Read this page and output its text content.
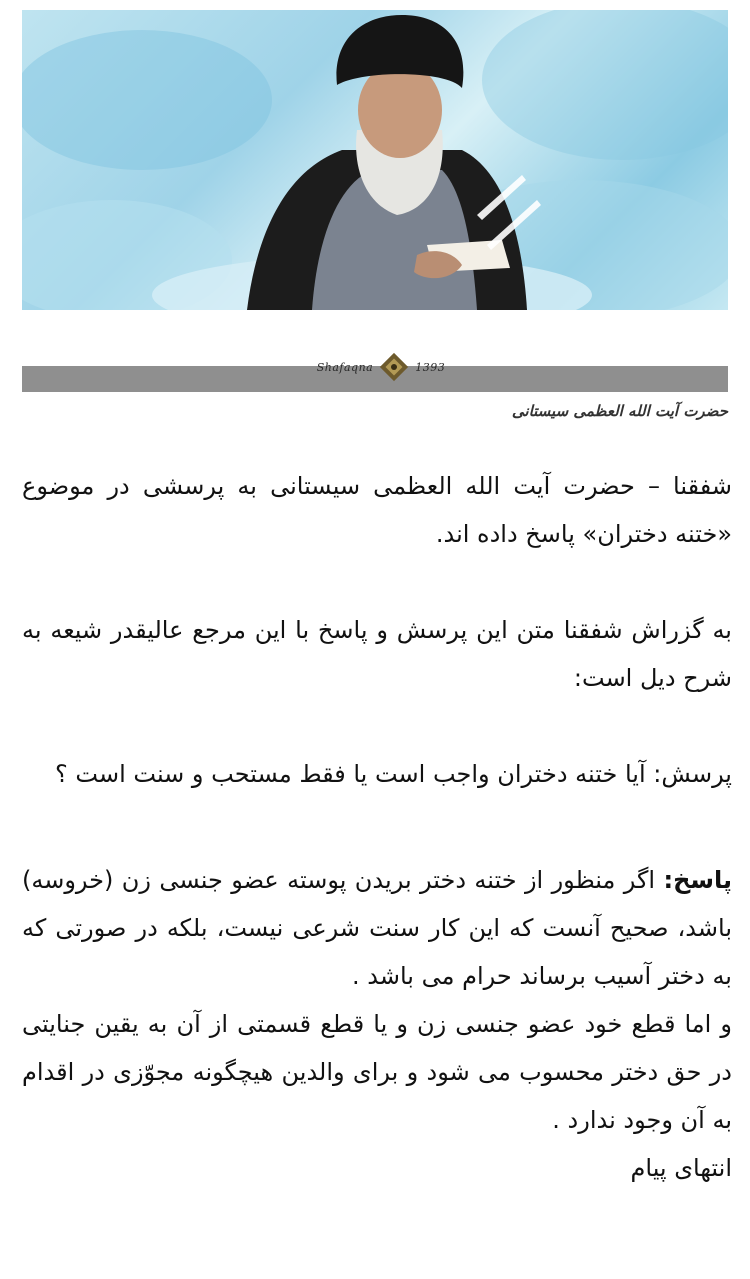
Shafaqna	1393
حضرت آیت الله العظمی سیستانی

شفقنا – حضرت آیت الله العظمی سیستانی به پرسشی در موضوع «ختنه دختران» پاسخ داده اند.

به گزراش شفقنا متن این پرسش و پاسخ با این مرجع عالیقدر شیعه به شرح دیل است:

پرسش: آیا ختنه دختران واجب است یا فقط مستحب و سنت است ؟

پاسخ: اگر منظور از ختنه دختر بریدن پوسته عضو جنسی زن (خروسه) باشد، صحیح آنست که این کار سنت شرعی نیست، بلکه در صورتی که به دختر آسیب برساند حرام می باشد .

و اما قطع خود عضو جنسی زن و یا قطع قسمتی از آن به یقین جنایتی در حق دختر محسوب می شود و برای والدین هیچگونه مجوّزی در اقدام به آن وجود ندارد .

انتهای پیام
